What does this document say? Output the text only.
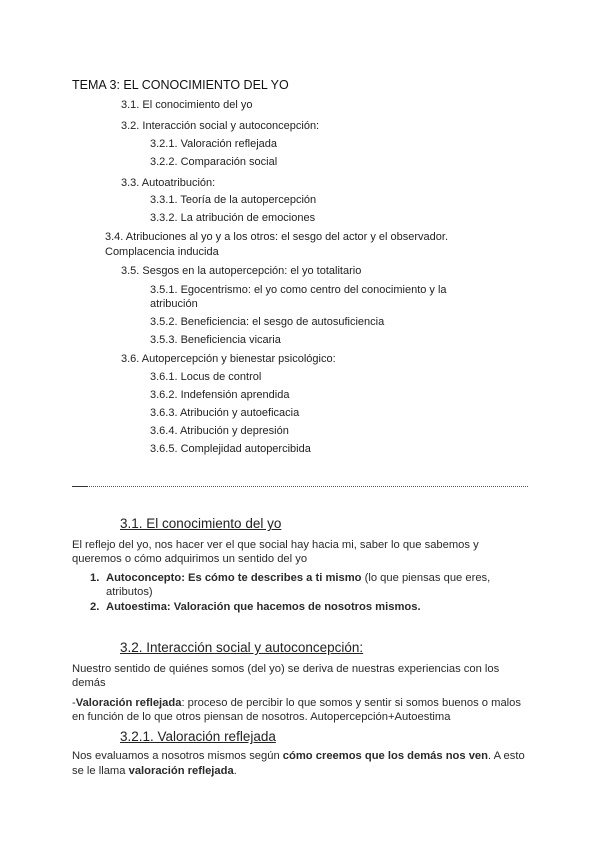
TEMA 3: EL CONOCIMIENTO DEL YO
3.1. El conocimiento del yo
3.2. Interacción social y autoconcepción:
3.2.1. Valoración reflejada
3.2.2. Comparación social
3.3. Autoatribución:
3.3.1. Teoría de la autopercepción
3.3.2. La atribución de emociones
3.4. Atribuciones al yo y a los otros: el sesgo del actor y el observador.
Complacencia inducida
3.5. Sesgos en la autopercepción: el yo totalitario
3.5.1. Egocentrismo: el yo como centro del conocimiento y la
atribución
3.5.2. Beneficiencia: el sesgo de autosuficiencia
3.5.3. Beneficiencia vicaria
3.6. Autopercepción y bienestar psicológico:
3.6.1. Locus de control
3.6.2. Indefensión aprendida
3.6.3. Atribución y autoeficacia
3.6.4. Atribución y depresión
3.6.5. Complejidad autopercibida
3.1. El conocimiento del yo
El reflejo del yo, nos hacer ver el que social hay hacia mi, saber lo que sabemos y
queremos o cómo adquirimos un sentido del yo
1. Autoconcepto: Es cómo te describes a ti mismo (lo que piensas que eres,
atributos)
2. Autoestima: Valoración que hacemos de nosotros mismos.
3.2. Interacción social y autoconcepción:
Nuestro sentido de quiénes somos (del yo) se deriva de nuestras experiencias con los
demás
-Valoración reflejada: proceso de percibir lo que somos y sentir si somos buenos o malos
en función de lo que otros piensan de nosotros. Autopercepción+Autoestima
3.2.1. Valoración reflejada
Nos evaluamos a nosotros mismos según cómo creemos que los demás nos ven. A esto
se le llama valoración reflejada.
